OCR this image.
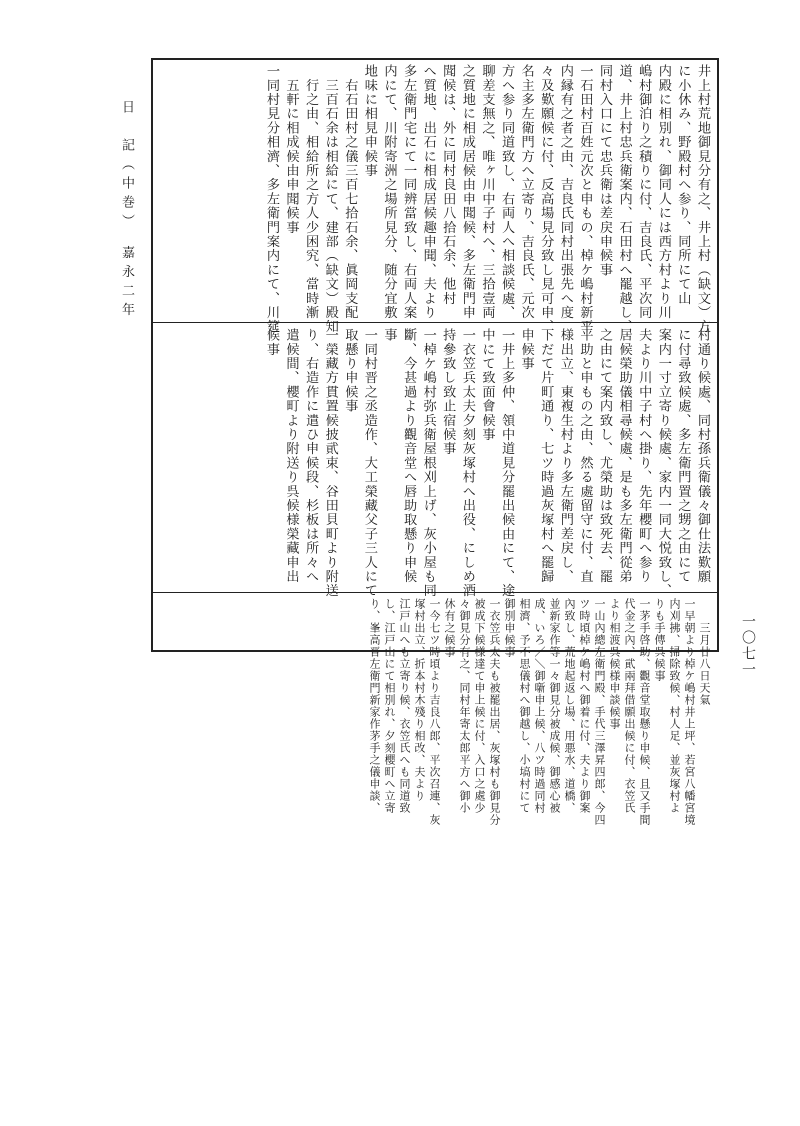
日　記（中巻）　嘉永二年
一〇七一
井上村荒地御見分有之、井上村（缺文）方
に小休み、野殿村へ参り、同所にて山
内殿に相別れ、御同人には西方村より川
嶋村御泊り之積りに付、吉良氏、平次同
道、井上村忠兵衛案内、石田村へ罷越し、
同村入口にて忠兵衛は差戻申候事
一石田村百姓元次と申もの、棹ケ嶋村新平
内縁有之者之由、吉良氏同村出張先へ度
々及歎願候に付、反高場見分致し見可申、
名主多左衛門方へ立寄り、吉良氏、元次
方へ参り同道致し、右両人へ相談候處、
聊差支無之、唯ヶ川中子村へ、三拾壹両
之質地に相成居候由申聞候、多左衛門申
聞候は、外に同村良田八拾石余、他村
へ質地、出石に相成居候趣申聞、夫より
多左衛門宅にて一同辨當致し、右両人案
内にて、川附寄洲之場所見分、随分宜敷
地味に相見申候事
　右石田村之儀三百七拾石余、眞岡支配
　三百石余は相給にて、建部（缺文）殿知
　行之由、相給所之方人少困究、當時漸
　五軒に相成候由申聞候事
一同村見分相濟、多左衛門案内にて、川筵
村通り候處、同村孫兵衛儀々御仕法歎願
に付尋致候處、多左衛門置之甥之由にて
案内一寸立寄り候處、家内一同大悦致し、
夫より川中子村へ掛り、先年櫻町へ参り
居候榮助儀相尋候處、是も多左衛門從弟
之由にて案内致し、尤榮助は致死去、罷
平助と申もの之由、然る處留守に付、直
様出立、東複生村より多左衛門差戻し、
下だて片町通り、七ツ時過灰塚村へ罷歸
申候事
一井上多仲、領中道見分罷出候由にて、途
中にて致面會候事
一衣笠兵太夫夕刻灰塚村へ出役、にしめ酒
持參致し致止宿候事
一棹ケ嶋村弥兵衛屋根刈上げ、灰小屋も同
斷、今甚過より觀音堂へ唇助取懸り申候
事
一同村晋之丞造作、大工榮藏父子三人にて
取懸り申候事
一榮藏方貫置候披貮束、谷田貝町より附送
り、右造作に遣ひ申候段、杉板は所々へ
遣候間、櫻町より附送り呉候様榮藏申出
候事
　　三月廿八日天氣
一早朝より棹ケ嶋村井上坪、若宮八幡宮境
内刈拂、掃除致候、村人足、並灰塚村よ
りも手傳呉候事
一茅手啓助、觀音堂取懸り申候、且又手間
代金之內、貮兩拜借願出候に付、衣笠氏
より相渡呉候様申談候事
一山內總左衛門殿、手代三澤昇四郎、今四
ツ時頃棹ケ嶋村へ御着に付、夫より御案
內致し、荒地起返し場、用悪水、道橋、
並新家作等一々御見分被成候、御感心被
成、いろ／＼御噺申上候、八ツ時過同村
相濟、予不思儀村へ御越し、小塙村にて
御別申候事
一衣笠兵太夫も被罷出居、灰塚村も御見分
被成下候様達て申上候に付、入口之處少
々御見分有之、同村年寄太郎平方へ御小
休有之候事
一今七ツ時頃より吉良八郎、平次召連、灰
塚村出立、折本村木殘り相改、夫より
江戸山へも立寄り候、衣笠氏へも同道致
し、江戸山にて相別れ、夕刻櫻町へ立寄
り、峯高晋左衛門新家作茅手之儀申談、
